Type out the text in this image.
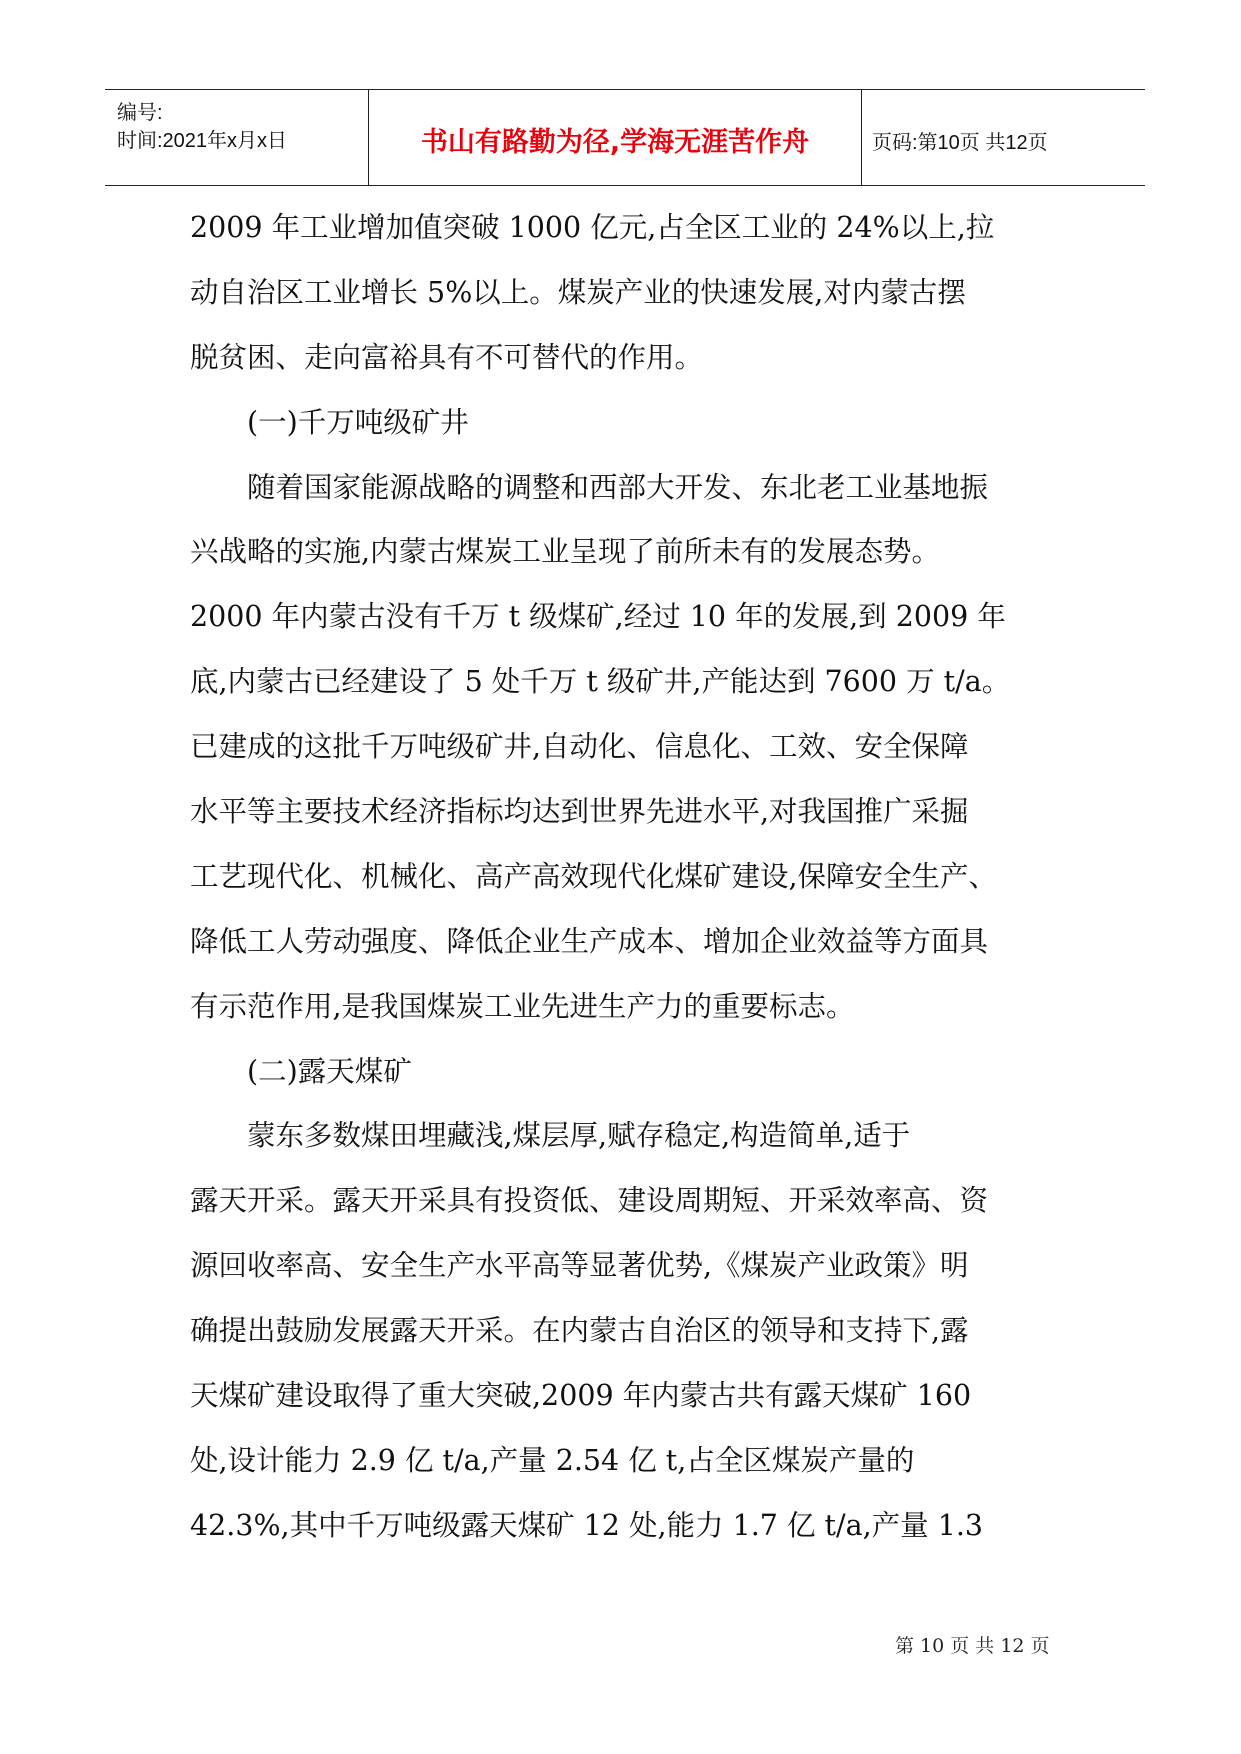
编号:
时间:2021年x月x日	书山有路勤为径,学海无涯苦作舟	页码:第10页 共12页
2009 年工业增加值突破 1000 亿元,占全区工业的 24%以上,拉
动自治区工业增长 5%以上。煤炭产业的快速发展,对内蒙古摆
脱贫困、走向富裕具有不可替代的作用。
(一)千万吨级矿井
随着国家能源战略的调整和西部大开发、东北老工业基地振
兴战略的实施,内蒙古煤炭工业呈现了前所未有的发展态势。
2000 年内蒙古没有千万 t 级煤矿,经过 10 年的发展,到 2009 年
底,内蒙古已经建设了 5 处千万 t 级矿井,产能达到 7600 万 t/a。
已建成的这批千万吨级矿井,自动化、信息化、工效、安全保障
水平等主要技术经济指标均达到世界先进水平,对我国推广采掘
工艺现代化、机械化、高产高效现代化煤矿建设,保障安全生产、
降低工人劳动强度、降低企业生产成本、增加企业效益等方面具
有示范作用,是我国煤炭工业先进生产力的重要标志。
(二)露天煤矿
蒙东多数煤田埋藏浅,煤层厚,赋存稳定,构造简单,适于
露天开采。露天开采具有投资低、建设周期短、开采效率高、资
源回收率高、安全生产水平高等显著优势,《煤炭产业政策》明
确提出鼓励发展露天开采。在内蒙古自治区的领导和支持下,露
天煤矿建设取得了重大突破,2009 年内蒙古共有露天煤矿 160
处,设计能力 2.9 亿 t/a,产量 2.54 亿 t,占全区煤炭产量的
42.3%,其中千万吨级露天煤矿 12 处,能力 1.7 亿 t/a,产量 1.3
第 10 页 共 12 页
